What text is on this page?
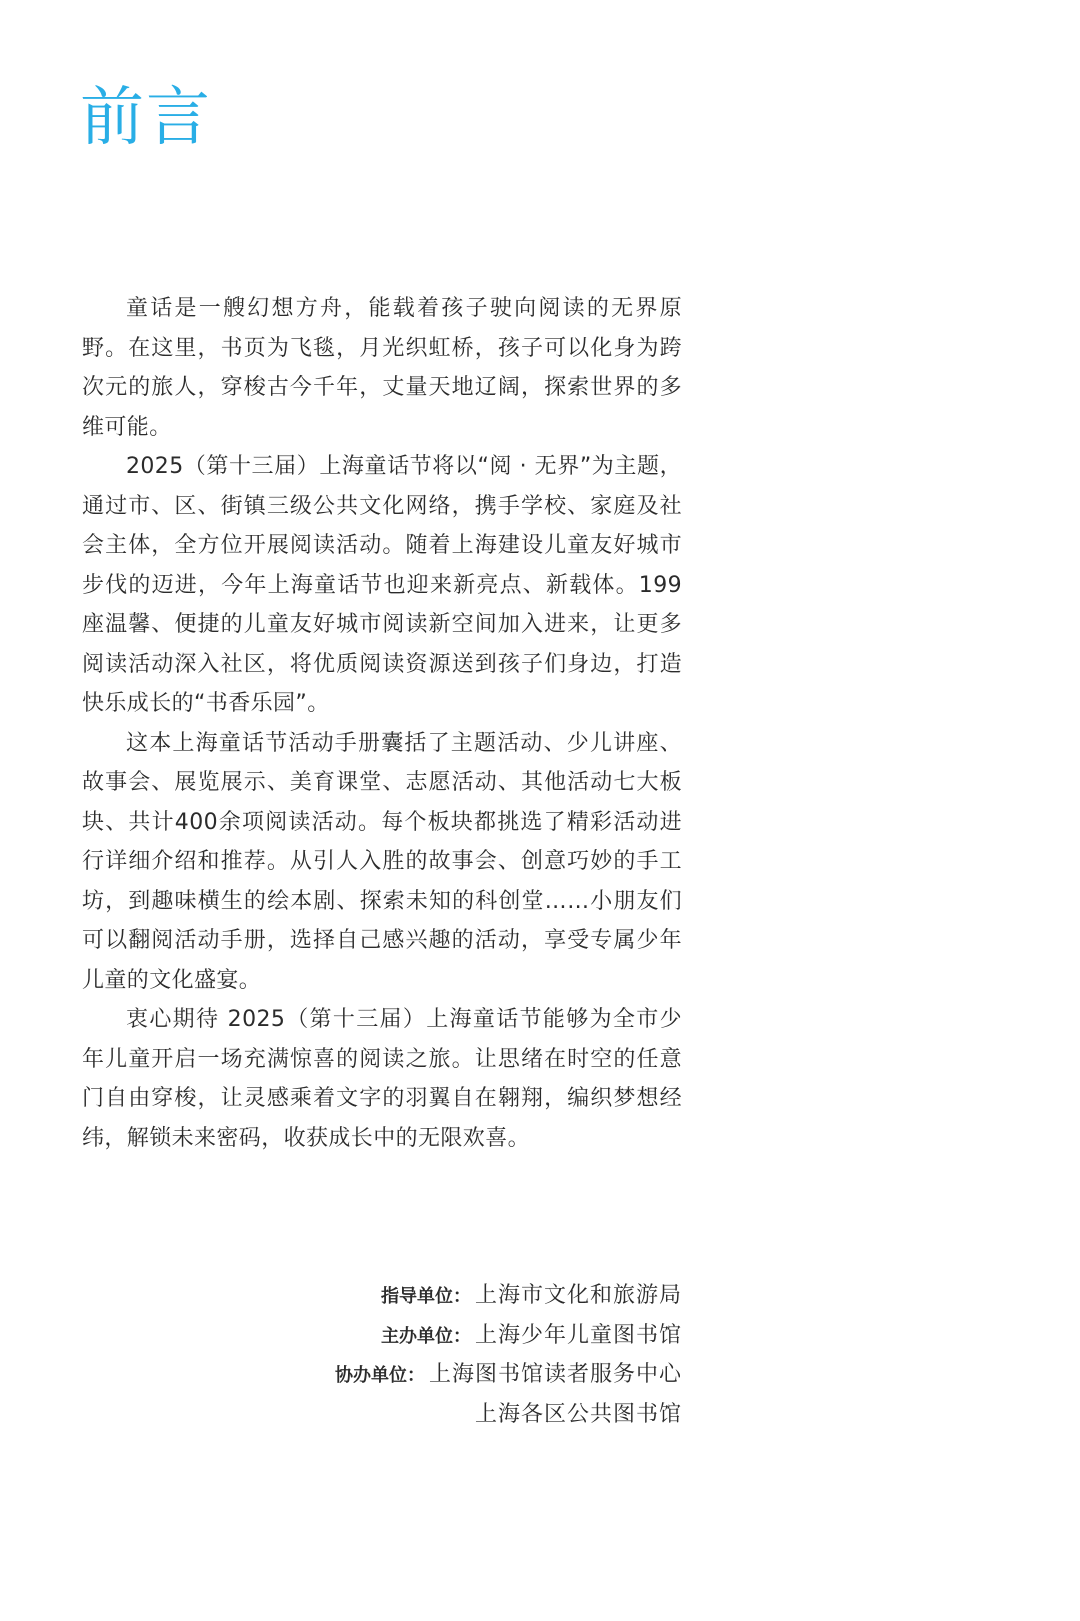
前言

童话是一艘幻想方舟，能载着孩子驶向阅读的无界原野。在这里，书页为飞毯，月光织虹桥，孩子可以化身为跨次元的旅人，穿梭古今千年，丈量天地辽阔，探索世界的多维可能。

2025（第十三届）上海童话节将以“阅 · 无界”为主题，通过市、区、街镇三级公共文化网络，携手学校、家庭及社会主体，全方位开展阅读活动。随着上海建设儿童友好城市步伐的迈进，今年上海童话节也迎来新亮点、新载体。199 座温馨、便捷的儿童友好城市阅读新空间加入进来，让更多阅读活动深入社区，将优质阅读资源送到孩子们身边，打造快乐成长的“书香乐园”。

这本上海童话节活动手册囊括了主题活动、少儿讲座、故事会、展览展示、美育课堂、志愿活动、其他活动七大板块、共计400余项阅读活动。每个板块都挑选了精彩活动进行详细介绍和推荐。从引人入胜的故事会、创意巧妙的手工坊，到趣味横生的绘本剧、探索未知的科创堂……小朋友们可以翻阅活动手册，选择自己感兴趣的活动，享受专属少年儿童的文化盛宴。

衷心期待 2025（第十三届）上海童话节能够为全市少年儿童开启一场充满惊喜的阅读之旅。让思绪在时空的任意门自由穿梭，让灵感乘着文字的羽翼自在翱翔，编织梦想经纬，解锁未来密码，收获成长中的无限欢喜。

指导单位： 上海市文化和旅游局
主办单位： 上海少年儿童图书馆
协办单位： 上海图书馆读者服务中心
上海各区公共图书馆
